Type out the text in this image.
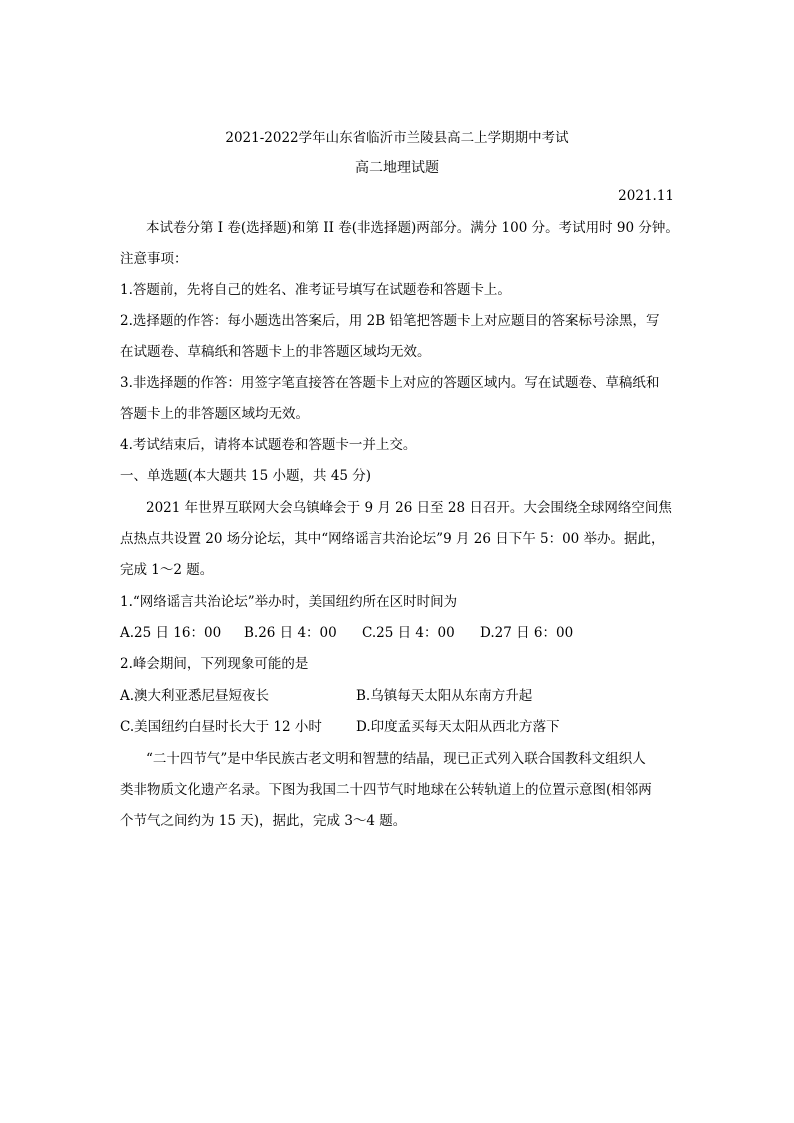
2021-2022学年山东省临沂市兰陵县高二上学期期中考试
高二地理试题
2021.11
本试卷分第 I 卷(选择题)和第 II 卷(非选择题)两部分。满分 100 分。考试用时 90 分钟。
注意事项：
1.答题前，先将自己的姓名、准考证号填写在试题卷和答题卡上。
2.选择题的作答：每小题选出答案后，用 2B 铅笔把答题卡上对应题目的答案标号涂黑，写
在试题卷、草稿纸和答题卡上的非答题区域均无效。
3.非选择题的作答：用签字笔直接答在答题卡上对应的答题区域内。写在试题卷、草稿纸和
答题卡上的非答题区域均无效。
4.考试结束后，请将本试题卷和答题卡一并上交。
一、单选题(本大题共 15 小题，共 45 分)
2021 年世界互联网大会乌镇峰会于 9 月 26 日至 28 日召开。大会围绕全球网络空间焦
点热点共设置 20 场分论坛，其中“网络谣言共治论坛”9 月 26 日下午 5：00 举办。据此，
完成 1～2 题。
1.“网络谣言共治论坛”举办时，美国纽约所在区时时间为
A.25 日 16：00 B.26 日 4：00 C.25 日 4：00 D.27 日 6：00
2.峰会期间，下列现象可能的是
A.澳大利亚悉尼昼短夜长	B.乌镇每天太阳从东南方升起
C.美国纽约白昼时长大于 12 小时	D.印度孟买每天太阳从西北方落下
“二十四节气”是中华民族古老文明和智慧的结晶，现已正式列入联合国教科文组织人
类非物质文化遗产名录。下图为我国二十四节气时地球在公转轨道上的位置示意图(相邻两
个节气之间约为 15 天)，据此，完成 3～4 题。
